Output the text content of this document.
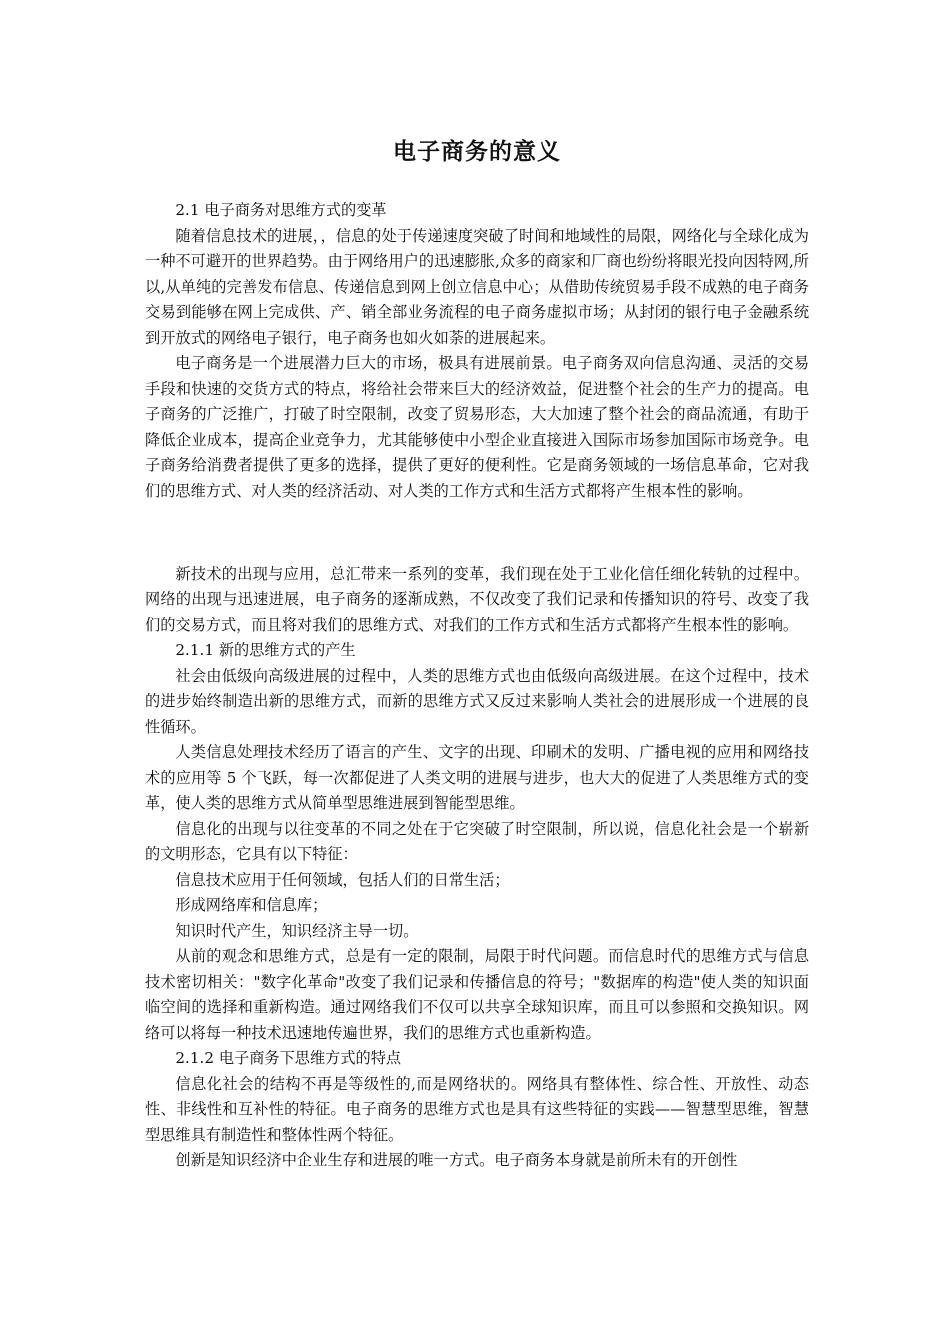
电子商务的意义

2.1 电子商务对思维方式的变革

随着信息技术的进展，，信息的处于传递速度突破了时间和地域性的局限，网络化与全球化成为一种不可避开的世界趋势。由于网络用户的迅速膨胀,众多的商家和厂商也纷纷将眼光投向因特网,所以,从单纯的完善发布信息、传递信息到网上创立信息中心；从借助传统贸易手段不成熟的电子商务交易到能够在网上完成供、产、销全部业务流程的电子商务虚拟市场；从封闭的银行电子金融系统到开放式的网络电子银行，电子商务也如火如荼的进展起来。

电子商务是一个进展潜力巨大的市场，极具有进展前景。电子商务双向信息沟通、灵活的交易手段和快速的交货方式的特点，将给社会带来巨大的经济效益，促进整个社会的生产力的提高。电子商务的广泛推广，打破了时空限制，改变了贸易形态，大大加速了整个社会的商品流通，有助于降低企业成本，提高企业竞争力，尤其能够使中小型企业直接进入国际市场参加国际市场竞争。电子商务给消费者提供了更多的选择，提供了更好的便利性。它是商务领域的一场信息革命，它对我们的思维方式、对人类的经济活动、对人类的工作方式和生活方式都将产生根本性的影响。

新技术的出现与应用，总汇带来一系列的变革，我们现在处于工业化信任细化转轨的过程中。网络的出现与迅速进展，电子商务的逐渐成熟，不仅改变了我们记录和传播知识的符号、改变了我们的交易方式，而且将对我们的思维方式、对我们的工作方式和生活方式都将产生根本性的影响。

2.1.1 新的思维方式的产生

社会由低级向高级进展的过程中，人类的思维方式也由低级向高级进展。在这个过程中，技术的进步始终制造出新的思维方式，而新的思维方式又反过来影响人类社会的进展形成一个进展的良性循环。

人类信息处理技术经历了语言的产生、文字的出现、印刷术的发明、广播电视的应用和网络技术的应用等 5 个飞跃，每一次都促进了人类文明的进展与进步，也大大的促进了人类思维方式的变革，使人类的思维方式从简单型思维进展到智能型思维。

信息化的出现与以往变革的不同之处在于它突破了时空限制，所以说，信息化社会是一个崭新的文明形态，它具有以下特征：

信息技术应用于任何领域，包括人们的日常生活；

形成网络库和信息库；

知识时代产生，知识经济主导一切。

从前的观念和思维方式，总是有一定的限制，局限于时代问题。而信息时代的思维方式与信息技术密切相关："数字化革命"改变了我们记录和传播信息的符号；"数据库的构造"使人类的知识面临空间的选择和重新构造。通过网络我们不仅可以共享全球知识库，而且可以参照和交换知识。网络可以将每一种技术迅速地传遍世界，我们的思维方式也重新构造。

2.1.2 电子商务下思维方式的特点

信息化社会的结构不再是等级性的,而是网络状的。网络具有整体性、综合性、开放性、动态性、非线性和互补性的特征。电子商务的思维方式也是具有这些特征的实践——智慧型思维，智慧型思维具有制造性和整体性两个特征。

创新是知识经济中企业生存和进展的唯一方式。电子商务本身就是前所未有的开创性
